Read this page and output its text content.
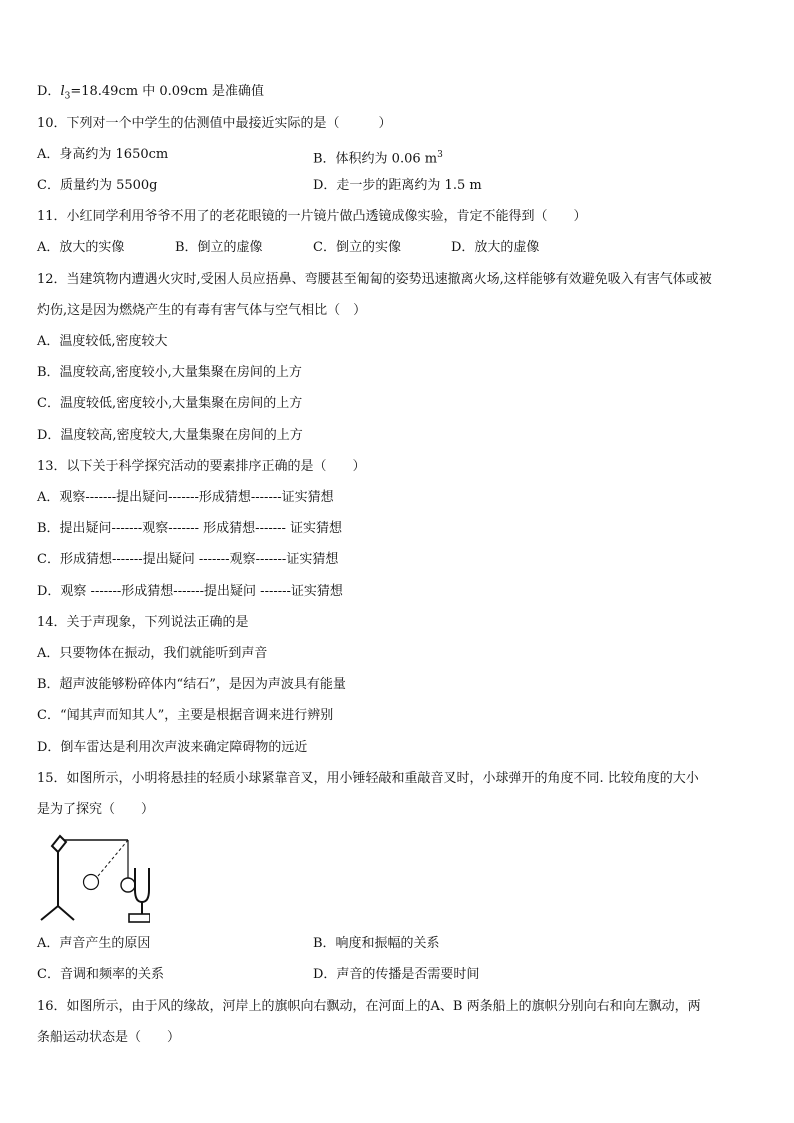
D．$l_3=18.49cm$ 中 0.09cm 是准确值
10．下列对一个中学生的估测值中最接近实际的是（　　　）
A．身高约为 1650cm	B．体积约为 0.06 $m^3$
C．质量约为 5500g	D．走一步的距离约为 1.5 m
11．小红同学利用爷爷不用了的老花眼镜的一片镜片做凸透镜成像实验，肯定不能得到（　　）
A．放大的实像	B．倒立的虚像	C．倒立的实像	D．放大的虚像
12．当建筑物内遭遇火灾时,受困人员应捂鼻、弯腰甚至匍匐的姿势迅速撤离火场,这样能够有效避免吸入有害气体或被
灼伤,这是因为燃烧产生的有毒有害气体与空气相比（　）
A．温度较低,密度较大
B．温度较高,密度较小,大量集聚在房间的上方
C．温度较低,密度较小,大量集聚在房间的上方
D．温度较高,密度较大,大量集聚在房间的上方
13．以下关于科学探究活动的要素排序正确的是（　　）
A．观察-------提出疑问-------形成猜想-------证实猜想
B．提出疑问-------观察------- 形成猜想------- 证实猜想
C．形成猜想-------提出疑问 -------观察-------证实猜想
D．观察 -------形成猜想-------提出疑问 -------证实猜想
14．关于声现象，下列说法正确的是
A．只要物体在振动，我们就能听到声音
B．超声波能够粉碎体内“结石”，是因为声波具有能量
C．“闻其声而知其人”，主要是根据音调来进行辨别
D．倒车雷达是利用次声波来确定障碍物的远近
15．如图所示，小明将悬挂的轻质小球紧靠音叉，用小锤轻敲和重敲音叉时，小球弹开的角度不同. 比较角度的大小
是为了探究（　　）
A．声音产生的原因	B．响度和振幅的关系
C．音调和频率的关系	D．声音的传播是否需要时间
16．如图所示，由于风的缘故，河岸上的旗帜向右飘动，在河面上的A、B 两条船上的旗帜分别向右和向左飘动，两
条船运动状态是（　　）
